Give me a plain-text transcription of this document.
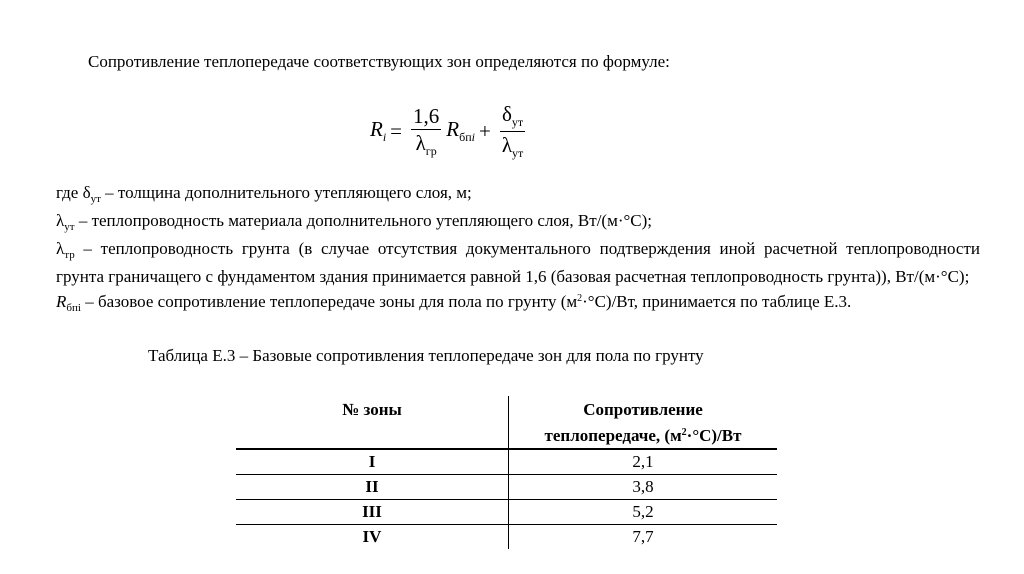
Сопротивление теплопередаче соответствующих зон определяются по формуле:
$R_i = \frac{1,6}{\lambda_{гр}} R_{бпi} + \frac{\delta_{ут}}{\lambda_{ут}}$

где $\delta_{ут}$ – толщина дополнительного утепляющего слоя, м;

$\lambda_{ут}$ – теплопроводность материала дополнительного утепляющего слоя, Вт/(м·°С);

$\lambda_{тр}$ – теплопроводность грунта (в случае отсутствия документального подтверждения иной расчетной теплопроводности грунта граничащего с фундаментом здания принимается равной 1,6 (базовая расчетная теплопроводность грунта)), Вт/(м·°С);

$R_{бпi}$ – базовое сопротивление теплопередаче зоны для пола по грунту $(м^2\cdot^\circ С)/Вт$, принимается по таблице Е.3.

Таблица Е.3 – Базовые сопротивления теплопередаче зон для пола по грунту
№ зоны	Сопротивление
теплопередаче, $(м^2\cdot^\circ С)/Вт$
I	2,1
II	3,8
III	5,2
IV	7,7
